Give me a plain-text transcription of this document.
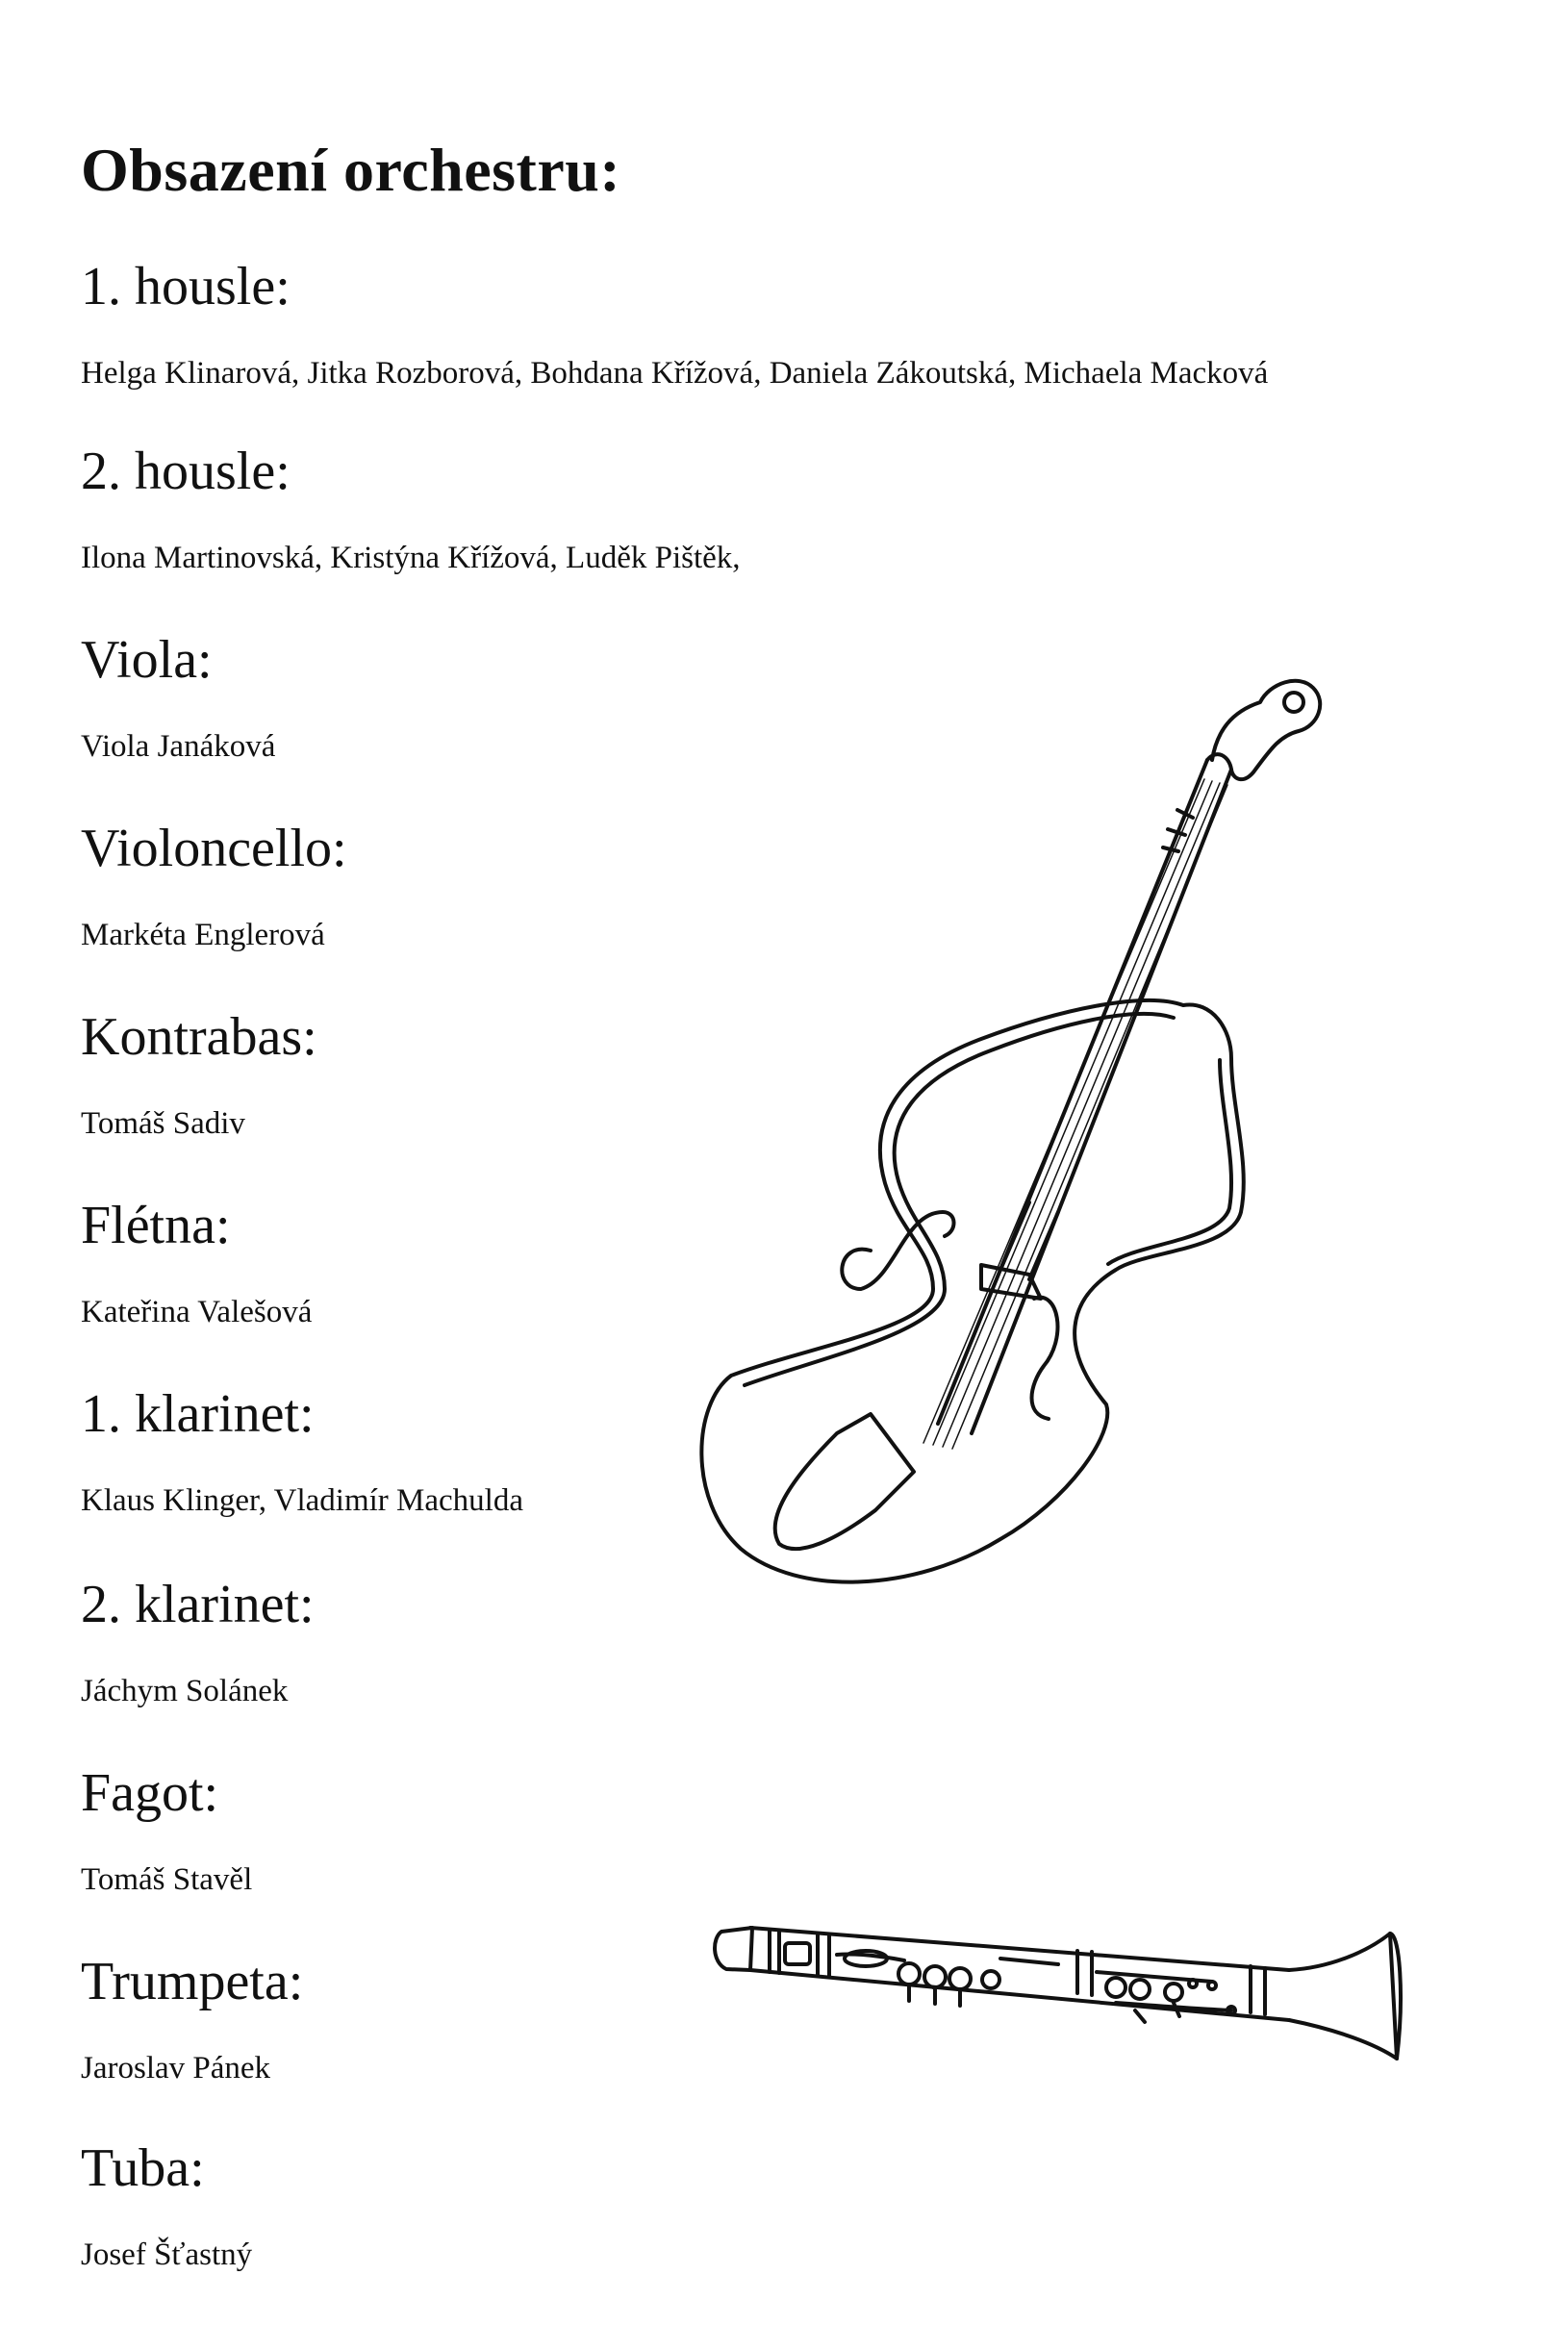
Obsazení orchestru:
1. housle:

Helga Klinarová, Jitka Rozborová, Bohdana Křížová, Daniela Zákoutská, Michaela Macková

2. housle:

Ilona Martinovská, Kristýna Křížová, Luděk Pištěk,

Viola:

Viola Janáková

Violoncello:

Markéta Englerová

Kontrabas:

Tomáš Sadiv

Flétna:

Kateřina Valešová

1. klarinet:

Klaus Klinger, Vladimír Machulda

2. klarinet:

Jáchym Solánek

Fagot:

Tomáš Stavěl

Trumpeta:

Jaroslav Pánek

Tuba:

Josef Šťastný
